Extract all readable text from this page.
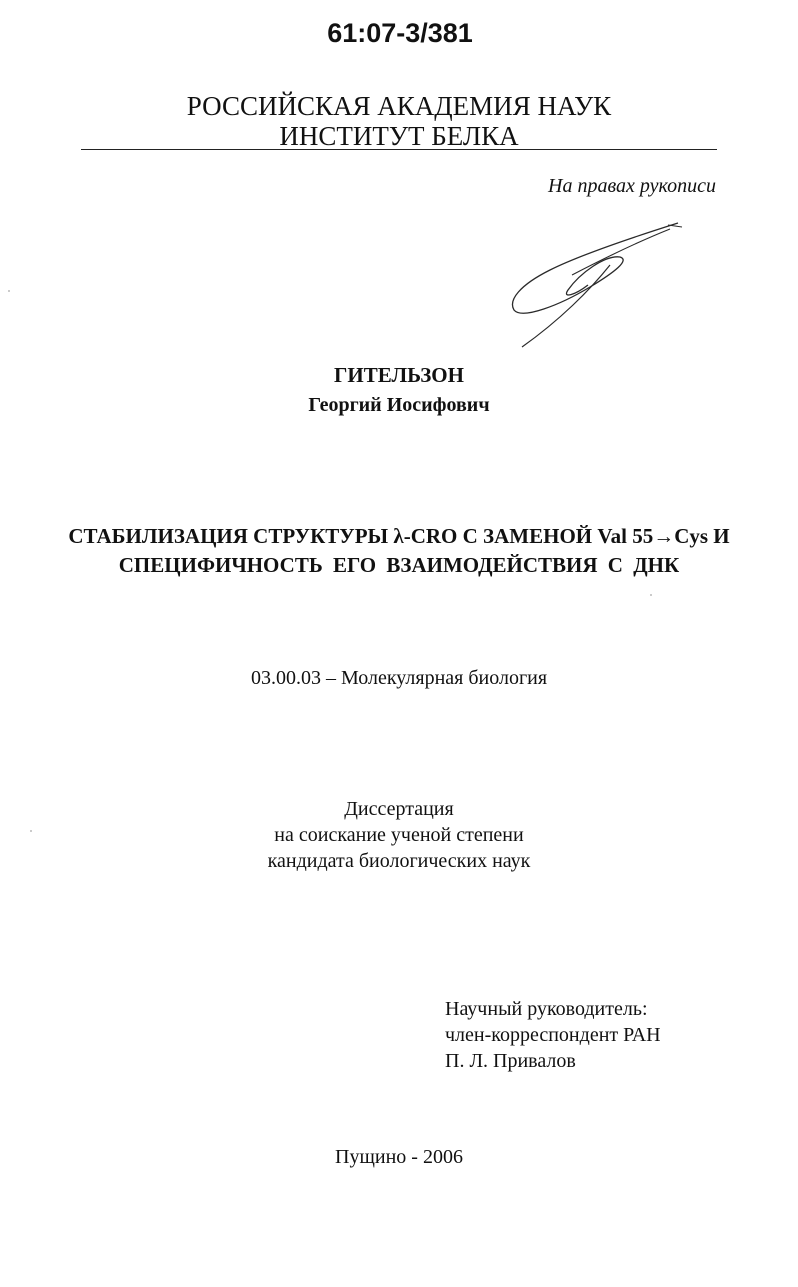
61:07-3/381
РОССИЙСКАЯ АКАДЕМИЯ НАУК
ИНСТИТУТ БЕЛКА
На правах рукописи
ГИТЕЛЬЗОН
Георгий Иосифович
СТАБИЛИЗАЦИЯ СТРУКТУРЫ λ-CRO С ЗАМЕНОЙ Val 55→Cys И
СПЕЦИФИЧНОСТЬ ЕГО ВЗАИМОДЕЙСТВИЯ С ДНК
03.00.03 – Молекулярная биология
Диссертация
на соискание ученой степени
кандидата биологических наук
Научный руководитель:
член-корреспондент РАН
П. Л. Привалов
Пущино - 2006
